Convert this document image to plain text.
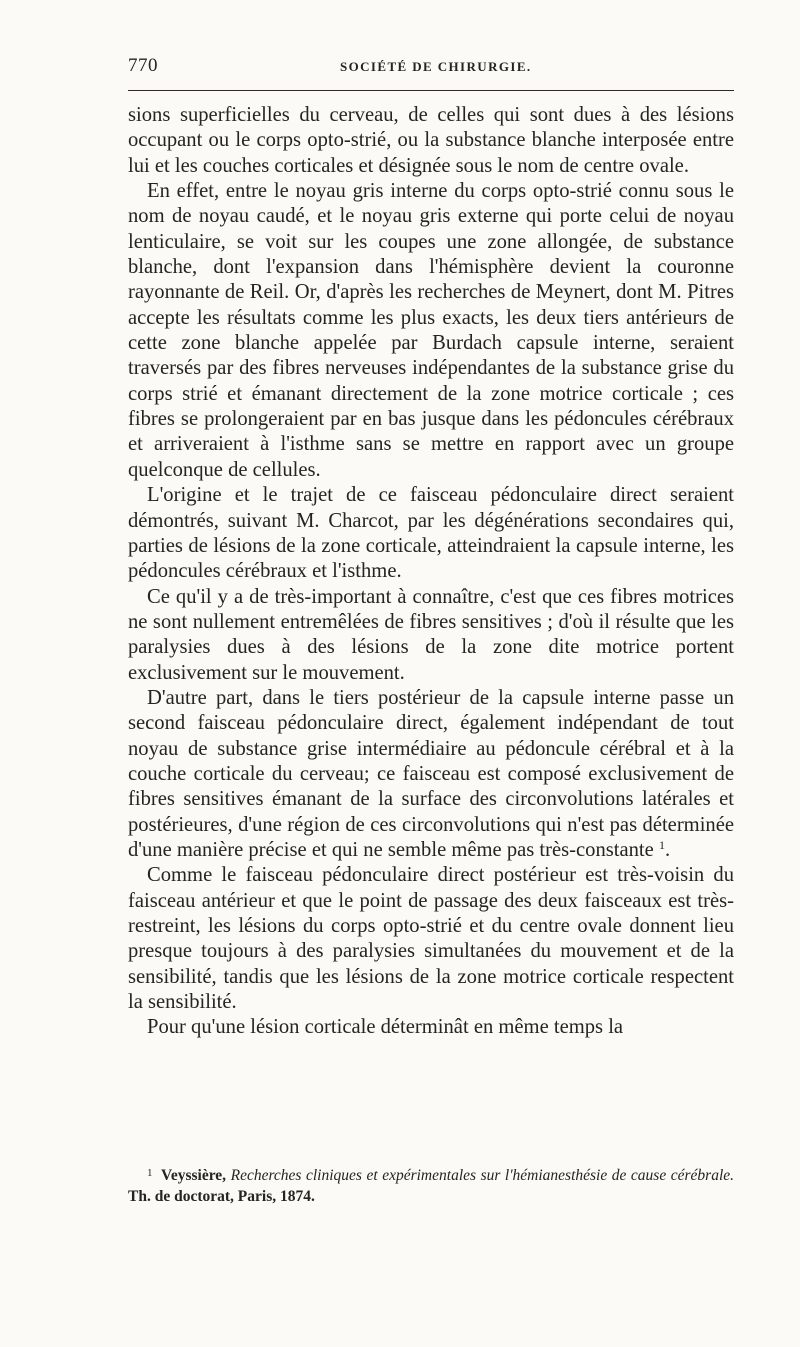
770	SOCIÉTÉ DE CHIRURGIE.

sions superficielles du cerveau, de celles qui sont dues à des lésions occupant ou le corps opto-strié, ou la substance blanche interposée entre lui et les couches corticales et désignée sous le nom de centre ovale.

En effet, entre le noyau gris interne du corps opto-strié connu sous le nom de noyau caudé, et le noyau gris externe qui porte celui de noyau lenticulaire, se voit sur les coupes une zone allongée, de substance blanche, dont l'expansion dans l'hémisphère devient la couronne rayonnante de Reil. Or, d'après les recherches de Meynert, dont M. Pitres accepte les résultats comme les plus exacts, les deux tiers antérieurs de cette zone blanche appelée par Burdach capsule interne, seraient traversés par des fibres nerveuses indépendantes de la substance grise du corps strié et émanant directement de la zone motrice corticale ; ces fibres se prolongeraient par en bas jusque dans les pédoncules cérébraux et arriveraient à l'isthme sans se mettre en rapport avec un groupe quelconque de cellules.

L'origine et le trajet de ce faisceau pédonculaire direct seraient démontrés, suivant M. Charcot, par les dégénérations secondaires qui, parties de lésions de la zone corticale, atteindraient la capsule interne, les pédoncules cérébraux et l'isthme.

Ce qu'il y a de très-important à connaître, c'est que ces fibres motrices ne sont nullement entremêlées de fibres sensitives ; d'où il résulte que les paralysies dues à des lésions de la zone dite motrice portent exclusivement sur le mouvement.

D'autre part, dans le tiers postérieur de la capsule interne passe un second faisceau pédonculaire direct, également indépendant de tout noyau de substance grise intermédiaire au pédoncule cérébral et à la couche corticale du cerveau; ce faisceau est composé exclusivement de fibres sensitives émanant de la surface des circonvolutions latérales et postérieures, d'une région de ces circonvolutions qui n'est pas déterminée d'une manière précise et qui ne semble même pas très-constante $^1$.

Comme le faisceau pédonculaire direct postérieur est très-voisin du faisceau antérieur et que le point de passage des deux faisceaux est très-restreint, les lésions du corps opto-strié et du centre ovale donnent lieu presque toujours à des paralysies simultanées du mouvement et de la sensibilité, tandis que les lésions de la zone motrice corticale respectent la sensibilité.

Pour qu'une lésion corticale déterminât en même temps la

$^1$ Veyssière, Recherches cliniques et expérimentales sur l'hémianesthésie de cause cérébrale. Th. de doctorat, Paris, 1874.
